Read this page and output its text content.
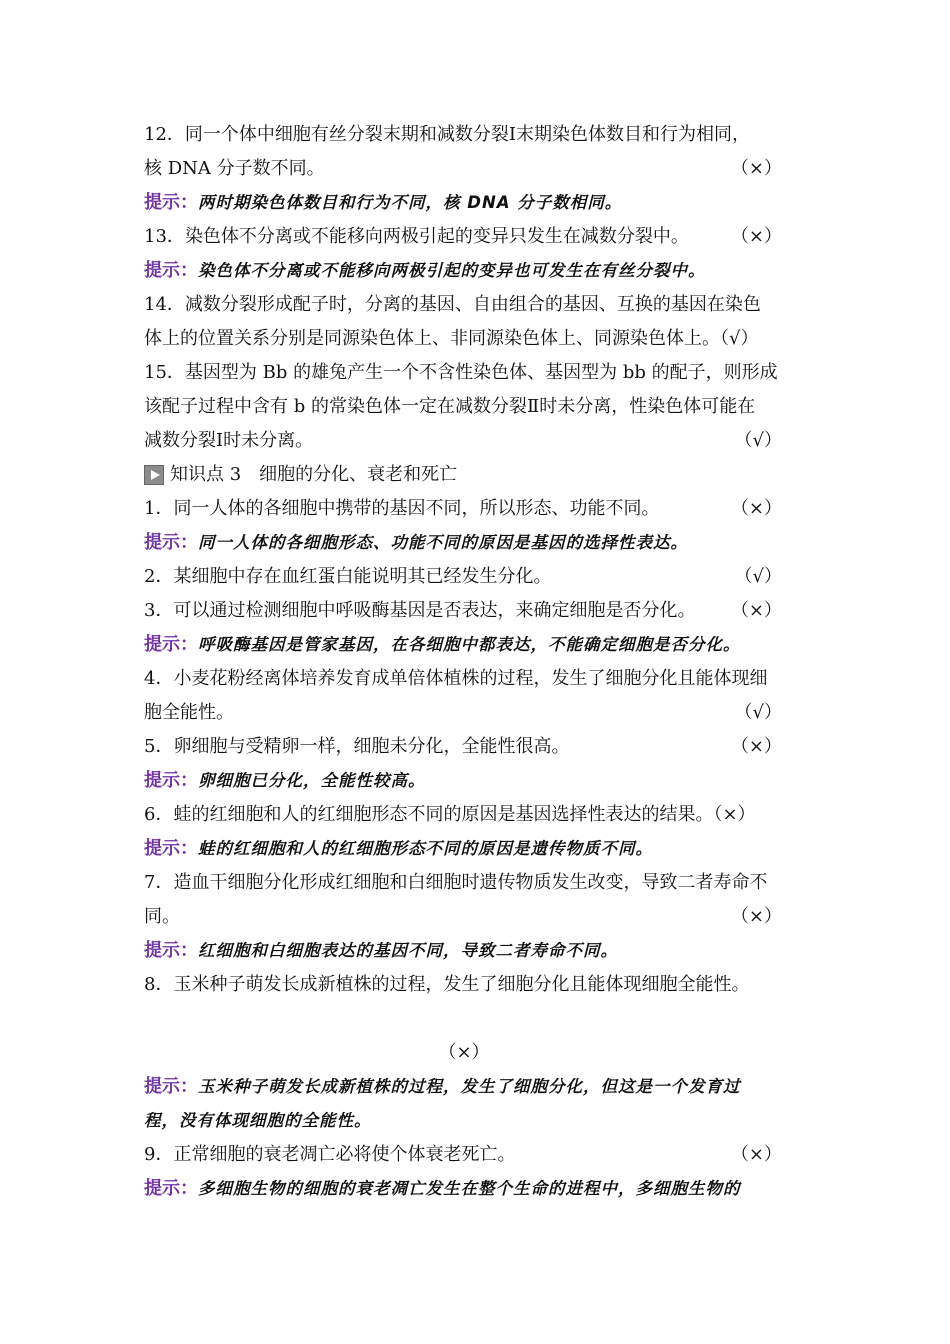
12．同一个体中细胞有丝分裂末期和减数分裂Ⅰ末期染色体数目和行为相同，
核 DNA 分子数不同。	（×）
提示：两时期染色体数目和行为不同，核 DNA 分子数相同。
13．染色体不分离或不能移向两极引起的变异只发生在减数分裂中。 （×）
提示：染色体不分离或不能移向两极引起的变异也可发生在有丝分裂中。
14．减数分裂形成配子时，分离的基因、自由组合的基因、互换的基因在染色
体上的位置关系分别是同源染色体上、非同源染色体上、同源染色体上。（√）
15．基因型为 Bb 的雄兔产生一个不含性染色体、基因型为 bb 的配子，则形成
该配子过程中含有 b 的常染色体一定在减数分裂Ⅱ时未分离，性染色体可能在
减数分裂Ⅰ时未分离。	（√）
知识点 3　细胞的分化、衰老和死亡
1．同一人体的各细胞中携带的基因不同，所以形态、功能不同。	（×）
提示：同一人体的各细胞形态、功能不同的原因是基因的选择性表达。
2．某细胞中存在血红蛋白能说明其已经发生分化。	（√）
3．可以通过检测细胞中呼吸酶基因是否表达，来确定细胞是否分化。 （×）
提示：呼吸酶基因是管家基因，在各细胞中都表达，不能确定细胞是否分化。
4．小麦花粉经离体培养发育成单倍体植株的过程，发生了细胞分化且能体现细
胞全能性。	（√）
5．卵细胞与受精卵一样，细胞未分化，全能性很高。	（×）
提示：卵细胞已分化，全能性较高。
6．蛙的红细胞和人的红细胞形态不同的原因是基因选择性表达的结果。（×）
提示：蛙的红细胞和人的红细胞形态不同的原因是遗传物质不同。
7．造血干细胞分化形成红细胞和白细胞时遗传物质发生改变，导致二者寿命不
同。	（×）
提示：红细胞和白细胞表达的基因不同，导致二者寿命不同。
8．玉米种子萌发长成新植株的过程，发生了细胞分化且能体现细胞全能性。
（×）
提示：玉米种子萌发长成新植株的过程，发生了细胞分化，但这是一个发育过
程，没有体现细胞的全能性。
9．正常细胞的衰老凋亡必将使个体衰老死亡。	（×）
提示：多细胞生物的细胞的衰老凋亡发生在整个生命的进程中，多细胞生物的
